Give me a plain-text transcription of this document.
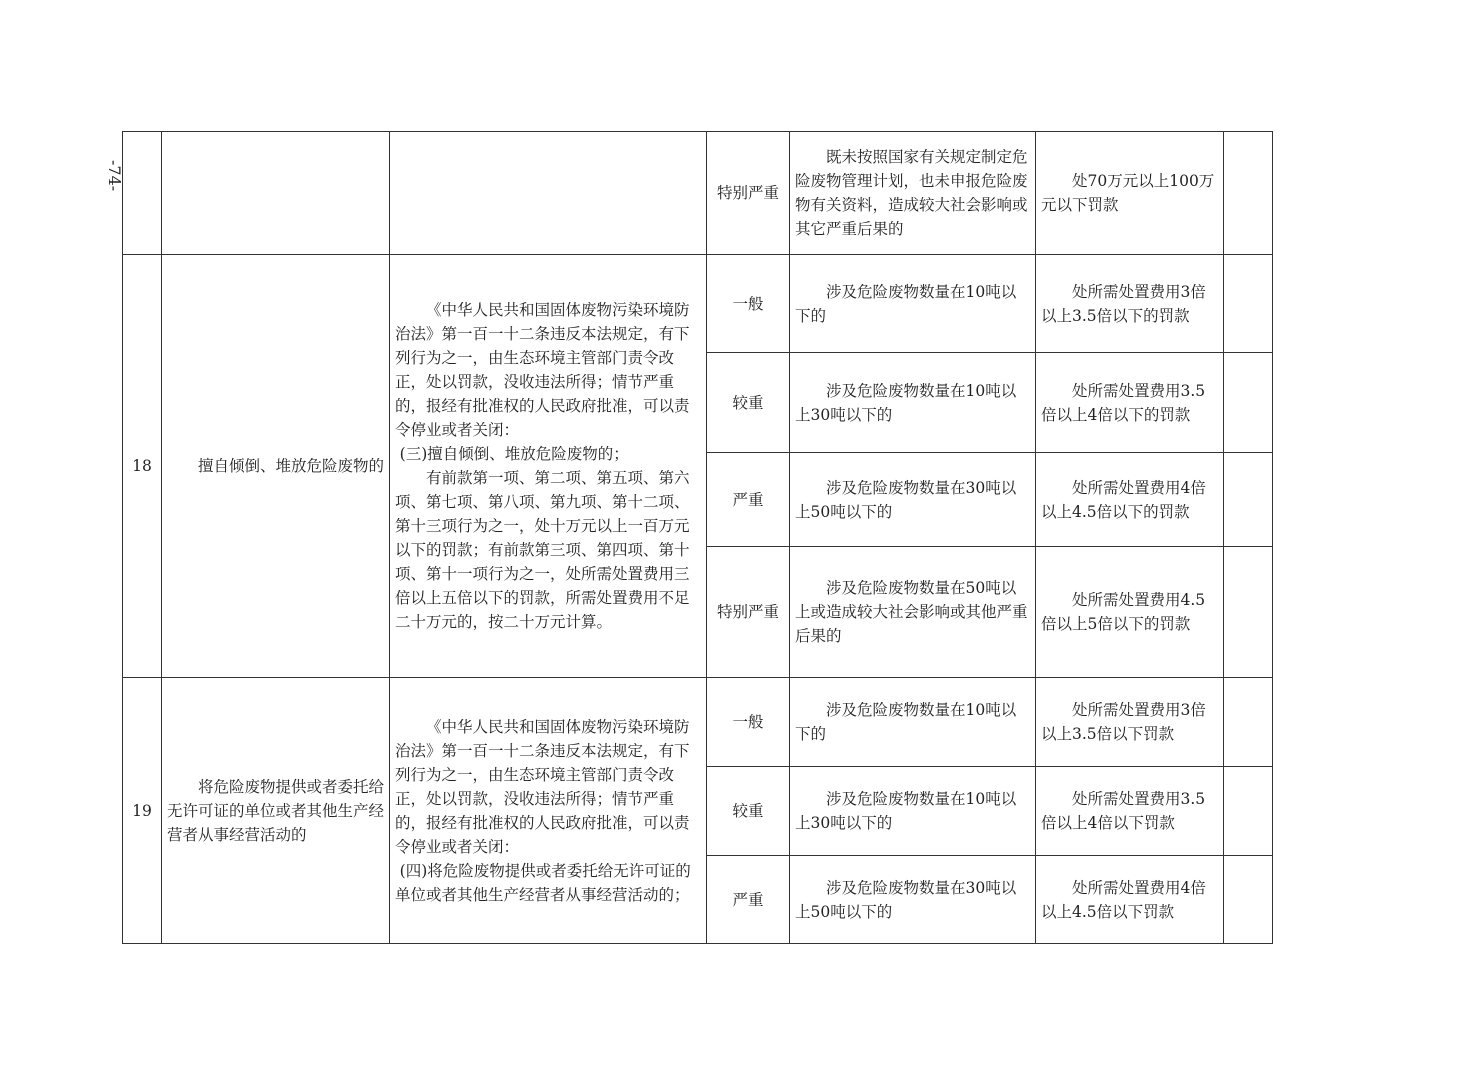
-74-
			特别严重	既未按照国家有关规定制定危险废物管理计划，也未申报危险废物有关资料，造成较大社会影响或其它严重后果的	处70万元以上100万元以下罚款	
18	擅自倾倒、堆放危险废物的	《中华人民共和国固体废物污染环境防治法》第一百一十二条违反本法规定，有下列行为之一，由生态环境主管部门责令改正，处以罚款，没收违法所得；情节严重的，报经有批准权的人民政府批准，可以责令停业或者关闭：

(三)擅自倾倒、堆放危险废物的；

有前款第一项、第二项、第五项、第六项、第七项、第八项、第九项、第十二项、第十三项行为之一，处十万元以上一百万元以下的罚款；有前款第三项、第四项、第十项、第十一项行为之一，处所需处置费用三倍以上五倍以下的罚款，所需处置费用不足二十万元的，按二十万元计算。	一般	涉及危险废物数量在10吨以下的	处所需处置费用3倍以上3.5倍以下的罚款	
			较重	涉及危险废物数量在10吨以上30吨以下的	处所需处置费用3.5倍以上4倍以下的罚款	
			严重	涉及危险废物数量在30吨以上50吨以下的	处所需处置费用4倍以上4.5倍以下的罚款	
			特别严重	涉及危险废物数量在50吨以上或造成较大社会影响或其他严重后果的	处所需处置费用4.5倍以上5倍以下的罚款	
19	将危险废物提供或者委托给无许可证的单位或者其他生产经营者从事经营活动的	《中华人民共和国固体废物污染环境防治法》第一百一十二条违反本法规定，有下列行为之一，由生态环境主管部门责令改正，处以罚款，没收违法所得；情节严重的，报经有批准权的人民政府批准，可以责令停业或者关闭：

(四)将危险废物提供或者委托给无许可证的单位或者其他生产经营者从事经营活动的；	一般	涉及危险废物数量在10吨以下的	处所需处置费用3倍以上3.5倍以下罚款	
			较重	涉及危险废物数量在10吨以上30吨以下的	处所需处置费用3.5倍以上4倍以下罚款	
			严重	涉及危险废物数量在30吨以上50吨以下的	处所需处置费用4倍以上4.5倍以下罚款	
